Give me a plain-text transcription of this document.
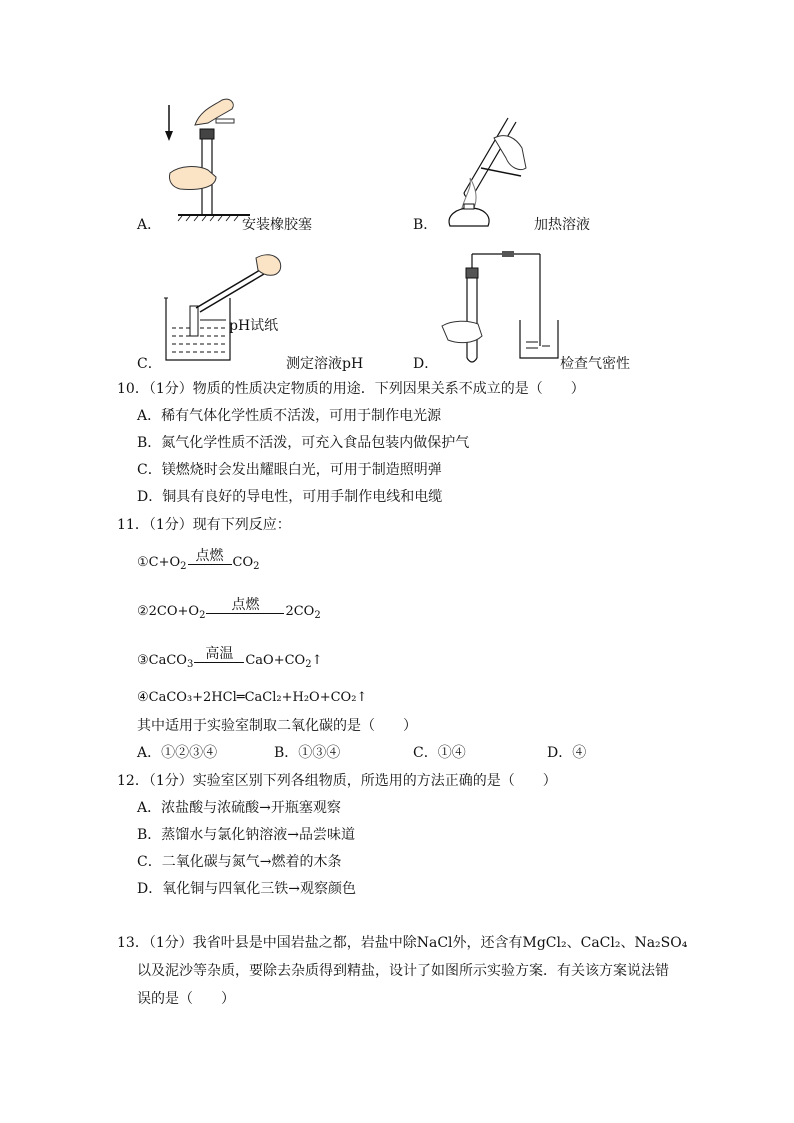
A．	安装橡胶塞	B．	加热溶液
pH试纸
C．	测定溶液pH	D．	检查气密性
10．（1分）物质的性质决定物质的用途．下列因果关系不成立的是（　　）
A．稀有气体化学性质不活泼，可用于制作电光源
B．氮气化学性质不活泼，可充入食品包装内做保护气
C．镁燃烧时会发出耀眼白光，可用于制造照明弹
D．铜具有良好的导电性，可用手制作电线和电缆
11．（1分）现有下列反应：
① $C+O_2$
点燃 $CO_2$
② $2CO+O_2$
点燃	$2CO_2$
③ CaCO$_3$
高温 $CaO+CO_2↑$
④CaCO₃+2HCl═CaCl₂+H₂O+CO₂↑
其中适用于实验室制取二氧化碳的是（　　）
A．①②③④	B．①③④	C．①④	D．④
12．（1分）实验室区别下列各组物质，所选用的方法正确的是（　　）
A．浓盐酸与浓硫酸→开瓶塞观察
B．蒸馏水与氯化钠溶液→品尝味道
C．二氧化碳与氮气→燃着的木条
D．氧化铜与四氧化三铁→观察颜色
13．（1分）我省叶县是中国岩盐之都，岩盐中除NaCl外，还含有MgCl₂、CaCl₂、Na₂SO₄
以及泥沙等杂质，要除去杂质得到精盐，设计了如图所示实验方案．有关该方案说法错
误的是（　　）
